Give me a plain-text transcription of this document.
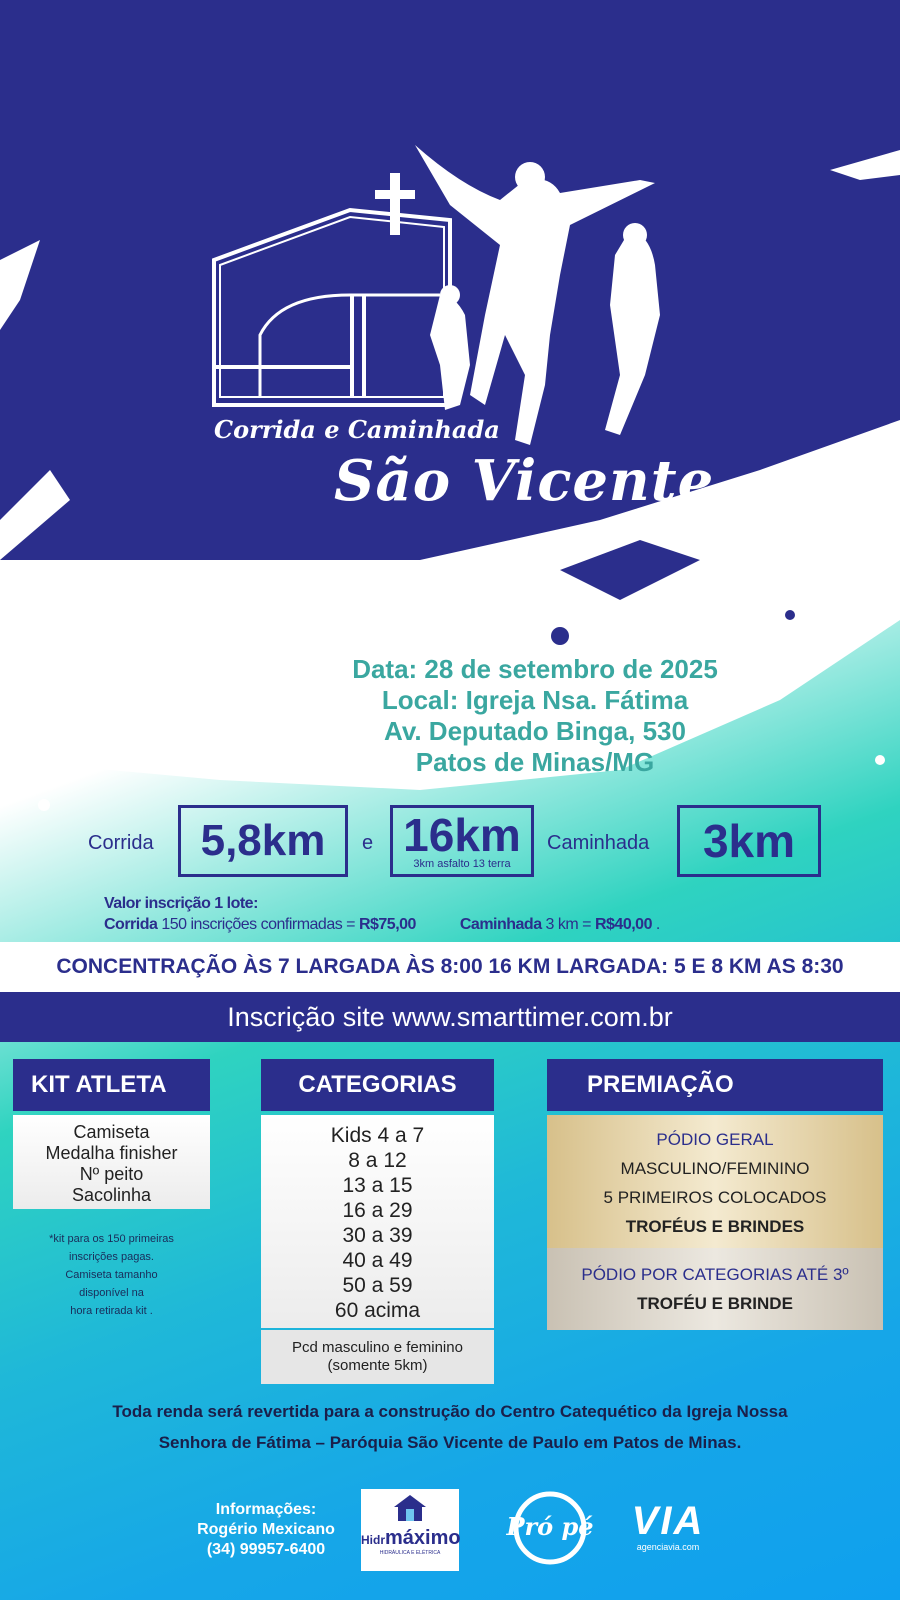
Corrida e Caminhada
São Vicente
Data: 28 de setembro de 2025
Local: Igreja Nsa. Fátima
Av. Deputado Binga, 530
Patos de Minas/MG
Corrida	5,8km	e 16km
3km asfalto 13 terra
Caminhada	3km
Valor inscrição 1 lote:
Corrida 150 inscrições confirmadas = R$75,00	Caminhada 3 km = R$40,00 .
CONCENTRAÇÃO ÀS 7 LARGADA ÀS 8:00 16 KM LARGADA: 5 E 8 KM AS 8:30
Inscrição site www.smarttimer.com.br
KIT ATLETA
Camiseta
Medalha finisher
Nº peito
Sacolinha
*kit para os 150 primeiras
inscrições pagas.
Camiseta tamanho
disponível na
hora retirada kit .
CATEGORIAS
Kids 4 a 7
8 a 12
13 a 15
16 a 29
30 a 39
40 a 49
50 a 59
60 acima
Pcd masculino e feminino
(somente 5km)
PREMIAÇÃO
PÓDIO GERAL
MASCULINO/FEMININO
5 PRIMEIROS COLOCADOS
TROFÉUS E BRINDES
PÓDIO POR CATEGORIAS ATÉ 3º
TROFÉU E BRINDE
Toda renda será revertida para a construção do Centro Catequético da Igreja Nossa
Senhora de Fátima – Paróquia São Vicente de Paulo em Patos de Minas.
Informações:
Rogério Mexicano
(34) 99957-6400
Hidrmáximo
HIDRÁULICA E ELÉTRICA
Pró pé VIA
agenciavia.com
